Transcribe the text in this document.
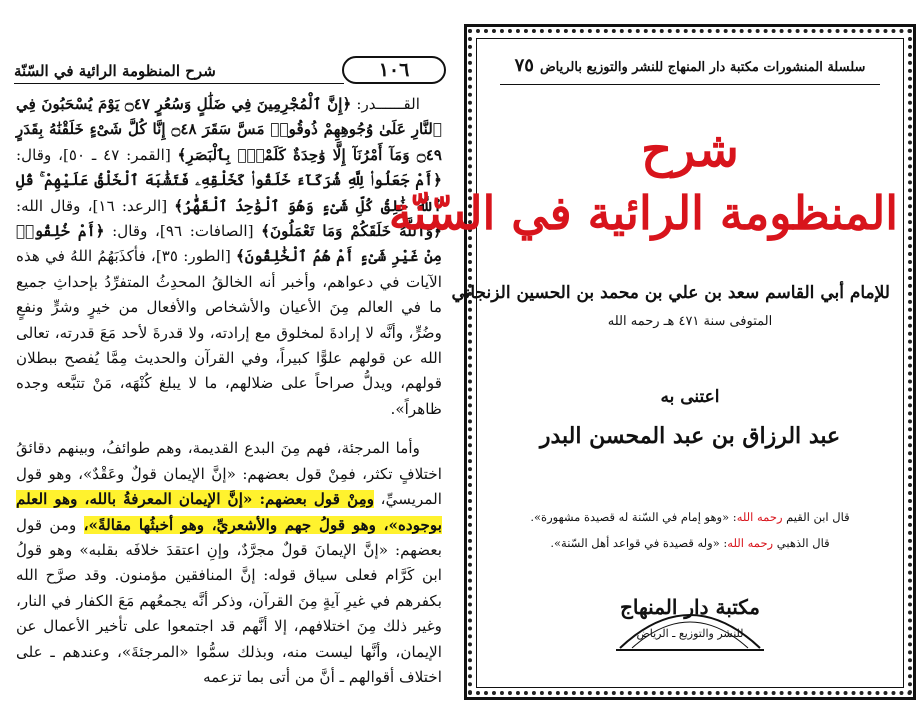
١٠٦
شرح المنظومة الرائية في السّنّة

القــــــدر: ﴿إِنَّ ٱلْمُجْرِمِينَ فِي ضَلَٰلٍ وَسُعُرٍ ۝٤٧ يَوْمَ يُسْحَبُونَ فِي ٱلنَّارِ عَلَىٰ وُجُوهِهِمْ ذُوقُوا۟ مَسَّ سَقَرَ ۝٤٨ إِنَّا كُلَّ شَىْءٍ خَلَقْنَٰهُ بِقَدَرٍ ۝٤٩ وَمَآ أَمْرُنَآ إِلَّا وَٰحِدَةٌ كَلَمْحٍۭ بِٱلْبَصَرِ﴾ [القمر: ٤٧ ـ ٥٠]، وقال: ﴿أَمْ جَعَلُوا۟ لِلَّهِ شُرَكَآءَ خَلَقُوا۟ كَخَلْقِهِۦ فَتَشَٰبَهَ ٱلْخَلْقُ عَلَيْهِمْ ۚ قُلِ ٱللَّهُ خَٰلِقُ كُلِّ شَىْءٍ وَهُوَ ٱلْوَٰحِدُ ٱلْقَهَّٰرُ﴾ [الرعد: ١٦]، وقال الله: ﴿وَٱللَّهُ خَلَقَكُمْ وَمَا تَعْمَلُونَ﴾ [الصافات: ٩٦]، وقال: ﴿أَمْ خُلِقُوا۟ مِنْ غَيْرِ شَىْءٍ أَمْ هُمُ ٱلْخَٰلِقُونَ﴾ [الطور: ٣٥]، فأكذَبَهُمُ اللهُ في هذه الآيات في دعواهم، وأخبر أنه الخالقُ المحدِثُ المتفرِّدُ بإحداثِ جميع ما في العالم مِنَ الأعيان والأشخاص والأفعال من خيرٍ وشرٍّ ونفعٍ وضُرٍّ، وأنَّه لا إرادةَ لمخلوق مع إرادته، ولا قدرةَ لأحد مَعَ قدرته، تعالى الله عن قولهم علوًّا كبيراً، وفي القرآن والحديث مِمَّا يُفصح ببطلان قولهم، ويدلُّ صراحاً على ضلالهم، ما لا يبلغ كُنْهَه، مَنْ تتبَّعه وجده ظاهراً».

وأما المرجئة، فهم مِنَ البدع القديمة، وهم طوائفُ، وبينهم دقائقُ اختلافٍ تكثر، فمِنْ قول بعضهم: «إنَّ الإيمان قولٌ وعَقْدٌ»، وهو قول المريسيِّ، ومِنْ قول بعضهم: «إنَّ الإيمان المعرفةُ بالله، وهو العلم بوجوده»، وهو قولُ جهم والأشعريِّ، وهو أخبثُها مقالةً»، ومن قول بعضهم: «إنَّ الإيمانَ قولٌ مجرَّدٌ، وإنِ اعتقدَ خلافَه بقلبه» وهو قولُ ابن كَرَّام فعلى سياق قوله: إنَّ المنافقين مؤمنون. وقد صرَّح الله بكفرهم في غيرِ آيةٍ مِنَ القرآن، وذكر أنَّه يجمعُهم مَعَ الكفار في النار، وغير ذلك مِنَ اختلافهم، إلا أنَّهم قد اجتمعوا على تأخير الأعمال عن الإيمان، وأنَّها ليست منه، وبذلك سمُّوا «المرجئةَ»، وعندهم ـ على اختلاف أقوالهم ـ أنَّ من أتى بما تزعمه

سلسلة المنشورات مكتبة دار المنهاج للنشر والتوزيع بالرياض٧٥
شرح
المنظومة الرائية في السّنّة
للإمام أبي القاسم سعد بن علي بن محمد بن الحسين الزنجاني
المتوفى سنة ٤٧١ هـ رحمه الله
اعتنى به
عبد الرزاق بن عبد المحسن البدر
قال ابن القيم رحمه الله: «وهو إمام في السّنة له قصيدة مشهورة».
قال الذهبي رحمه الله: «وله قصيدة في قواعد أهل السّنة».
مكتبة دار المنهاج
للنشر والتوزيع ـ الرياض
